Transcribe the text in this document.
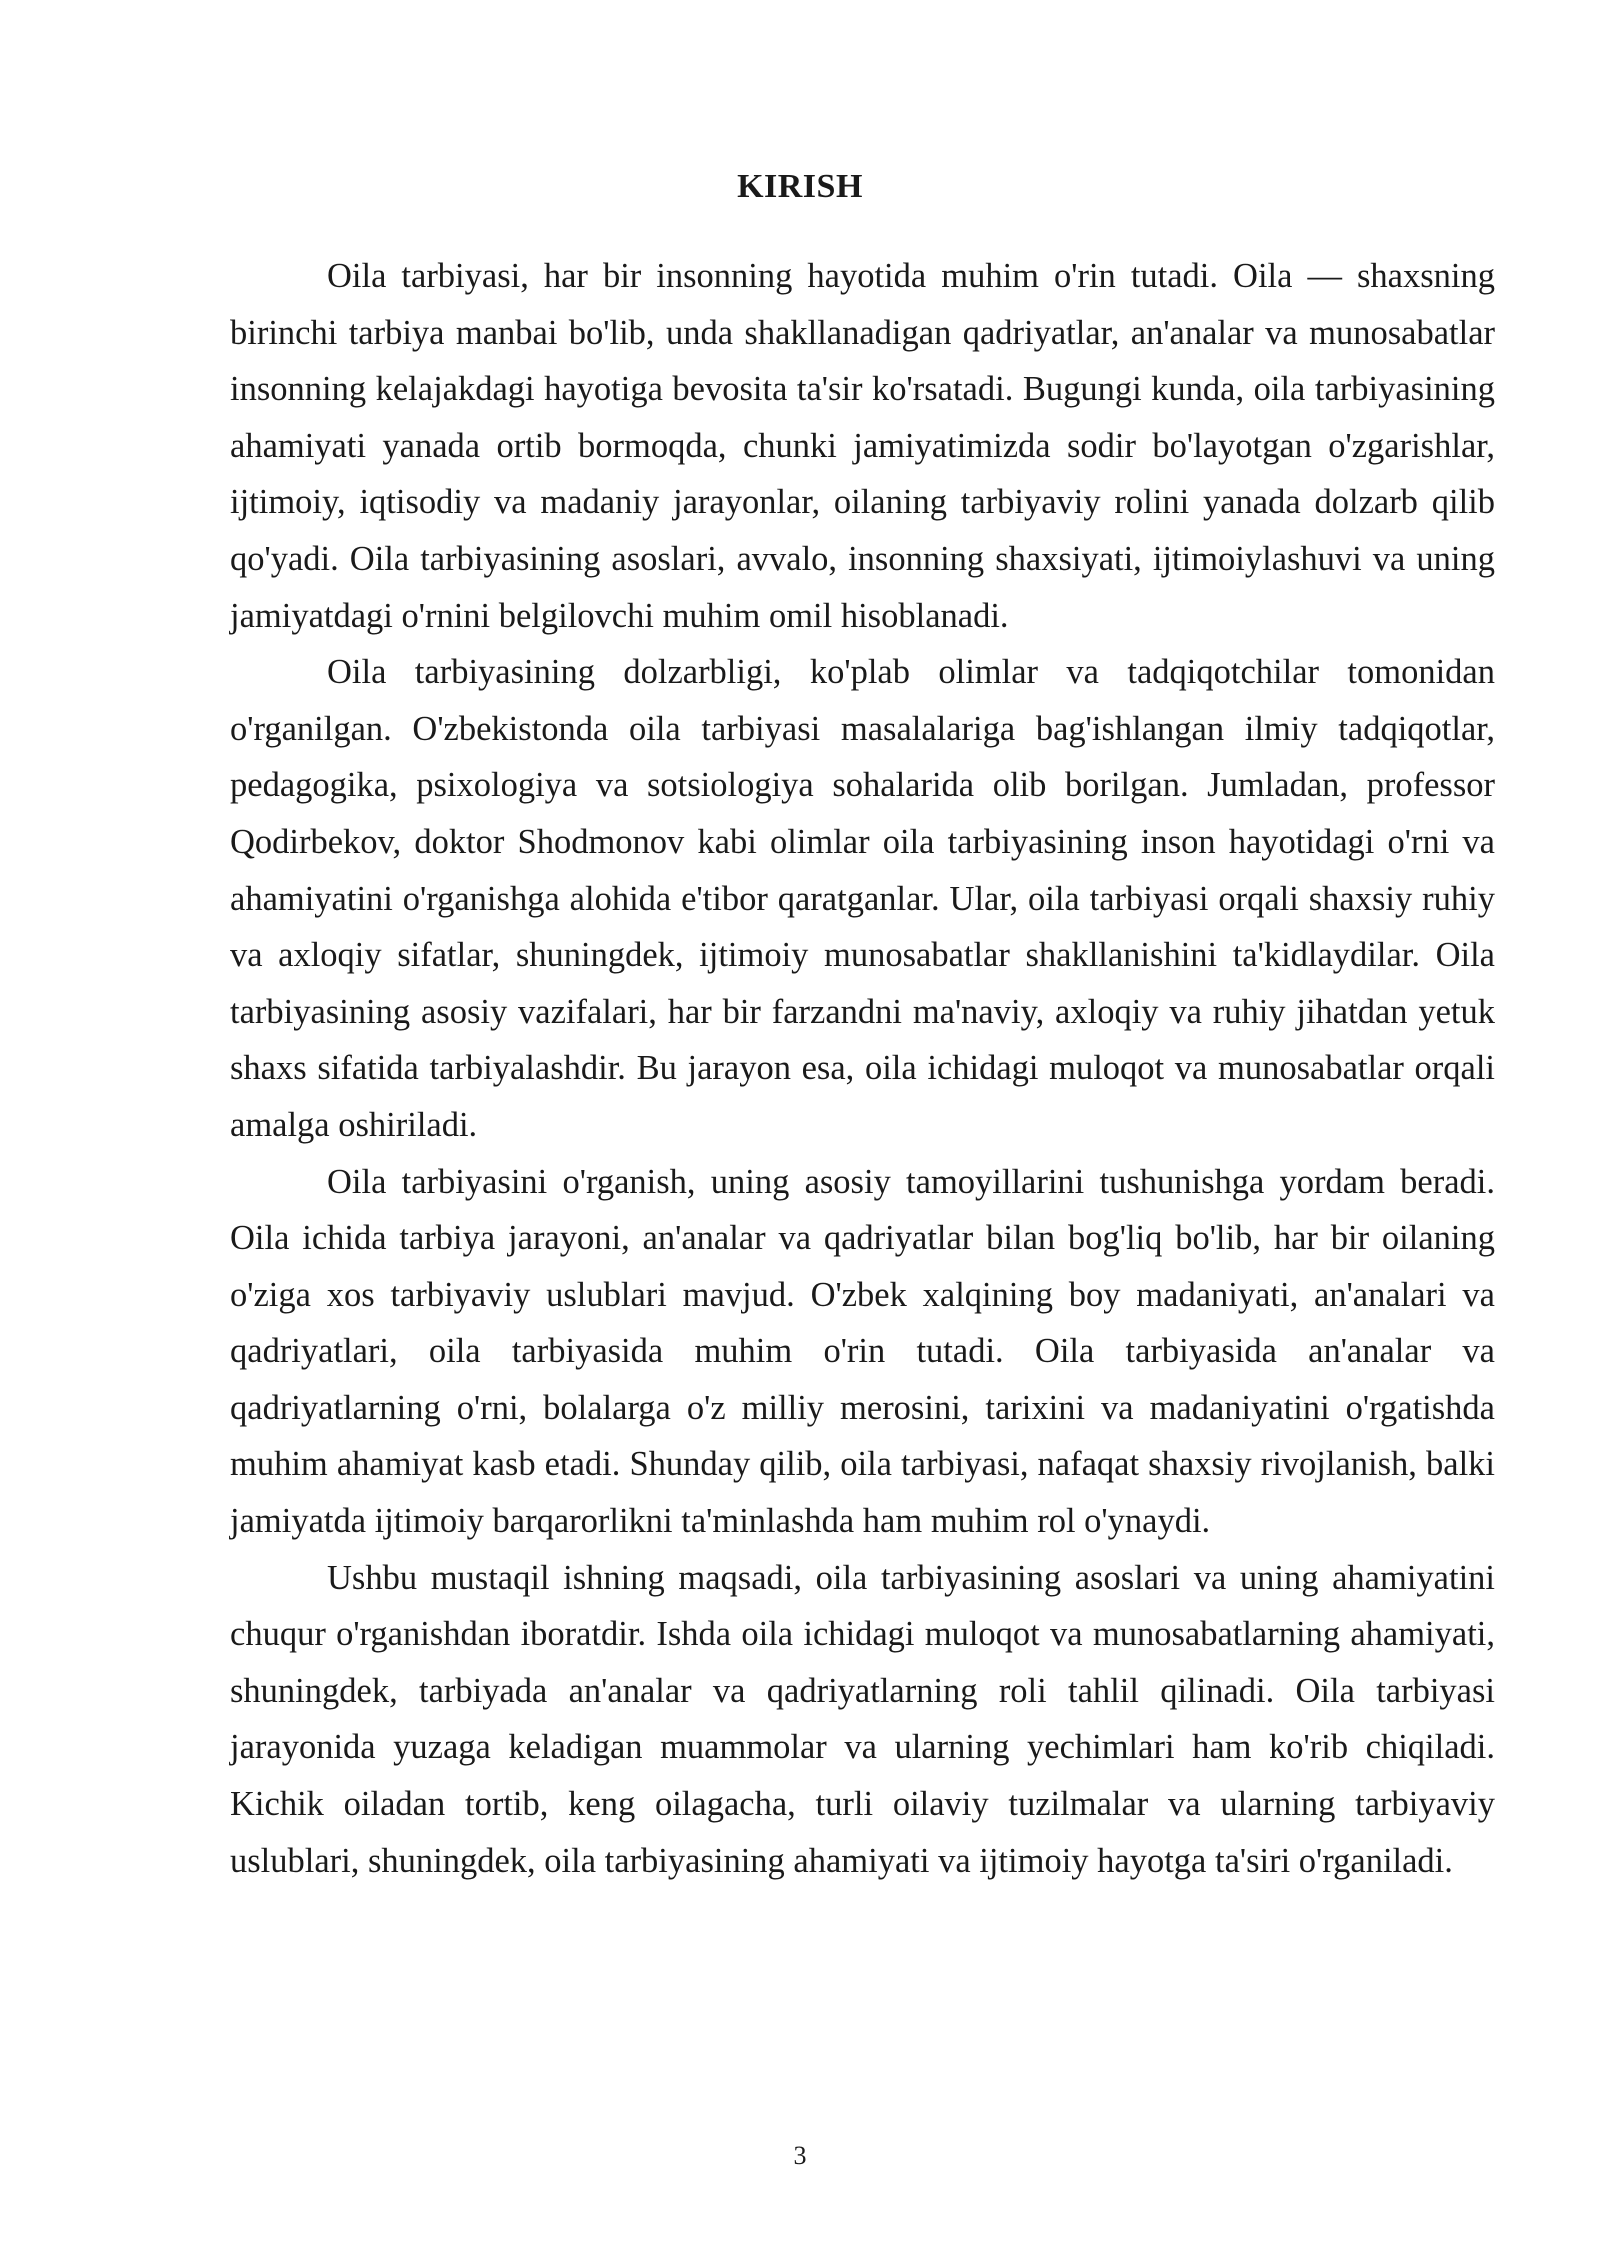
KIRISH

Oila tarbiyasi, har bir insonning hayotida muhim o'rin tutadi. Oila — shaxsning birinchi tarbiya manbai bo'lib, unda shakllanadigan qadriyatlar, an'analar va munosabatlar insonning kelajakdagi hayotiga bevosita ta'sir ko'rsatadi. Bugungi kunda, oila tarbiyasining ahamiyati yanada ortib bormoqda, chunki jamiyatimizda sodir bo'layotgan o'zgarishlar, ijtimoiy, iqtisodiy va madaniy jarayonlar, oilaning tarbiyaviy rolini yanada dolzarb qilib qo'yadi. Oila tarbiyasining asoslari, avvalo, insonning shaxsiyati, ijtimoiylashuvi va uning jamiyatdagi o'rnini belgilovchi muhim omil hisoblanadi.

Oila tarbiyasining dolzarbligi, ko'plab olimlar va tadqiqotchilar tomonidan o'rganilgan. O'zbekistonda oila tarbiyasi masalalariga bag'ishlangan ilmiy tadqiqotlar, pedagogika, psixologiya va sotsiologiya sohalarida olib borilgan. Jumladan, professor Qodirbekov, doktor Shodmonov kabi olimlar oila tarbiyasining inson hayotidagi o'rni va ahamiyatini o'rganishga alohida e'tibor qaratganlar. Ular, oila tarbiyasi orqali shaxsiy ruhiy va axloqiy sifatlar, shuningdek, ijtimoiy munosabatlar shakllanishini ta'kidlaydilar. Oila tarbiyasining asosiy vazifalari, har bir farzandni ma'naviy, axloqiy va ruhiy jihatdan yetuk shaxs sifatida tarbiyalashdir. Bu jarayon esa, oila ichidagi muloqot va munosabatlar orqali amalga oshiriladi.

Oila tarbiyasini o'rganish, uning asosiy tamoyillarini tushunishga yordam beradi. Oila ichida tarbiya jarayoni, an'analar va qadriyatlar bilan bog'liq bo'lib, har bir oilaning o'ziga xos tarbiyaviy uslublari mavjud. O'zbek xalqining boy madaniyati, an'analari va qadriyatlari, oila tarbiyasida muhim o'rin tutadi. Oila tarbiyasida an'analar va qadriyatlarning o'rni, bolalarga o'z milliy merosini, tarixini va madaniyatini o'rgatishda muhim ahamiyat kasb etadi. Shunday qilib, oila tarbiyasi, nafaqat shaxsiy rivojlanish, balki jamiyatda ijtimoiy barqarorlikni ta'minlashda ham muhim rol o'ynaydi.

Ushbu mustaqil ishning maqsadi, oila tarbiyasining asoslari va uning ahamiyatini chuqur o'rganishdan iboratdir. Ishda oila ichidagi muloqot va munosabatlarning ahamiyati, shuningdek, tarbiyada an'analar va qadriyatlarning roli tahlil qilinadi. Oila tarbiyasi jarayonida yuzaga keladigan muammolar va ularning yechimlari ham ko'rib chiqiladi. Kichik oiladan tortib, keng oilagacha, turli oilaviy tuzilmalar va ularning tarbiyaviy uslublari, shuningdek, oila tarbiyasining ahamiyati va ijtimoiy hayotga ta'siri o'rganiladi.

3
